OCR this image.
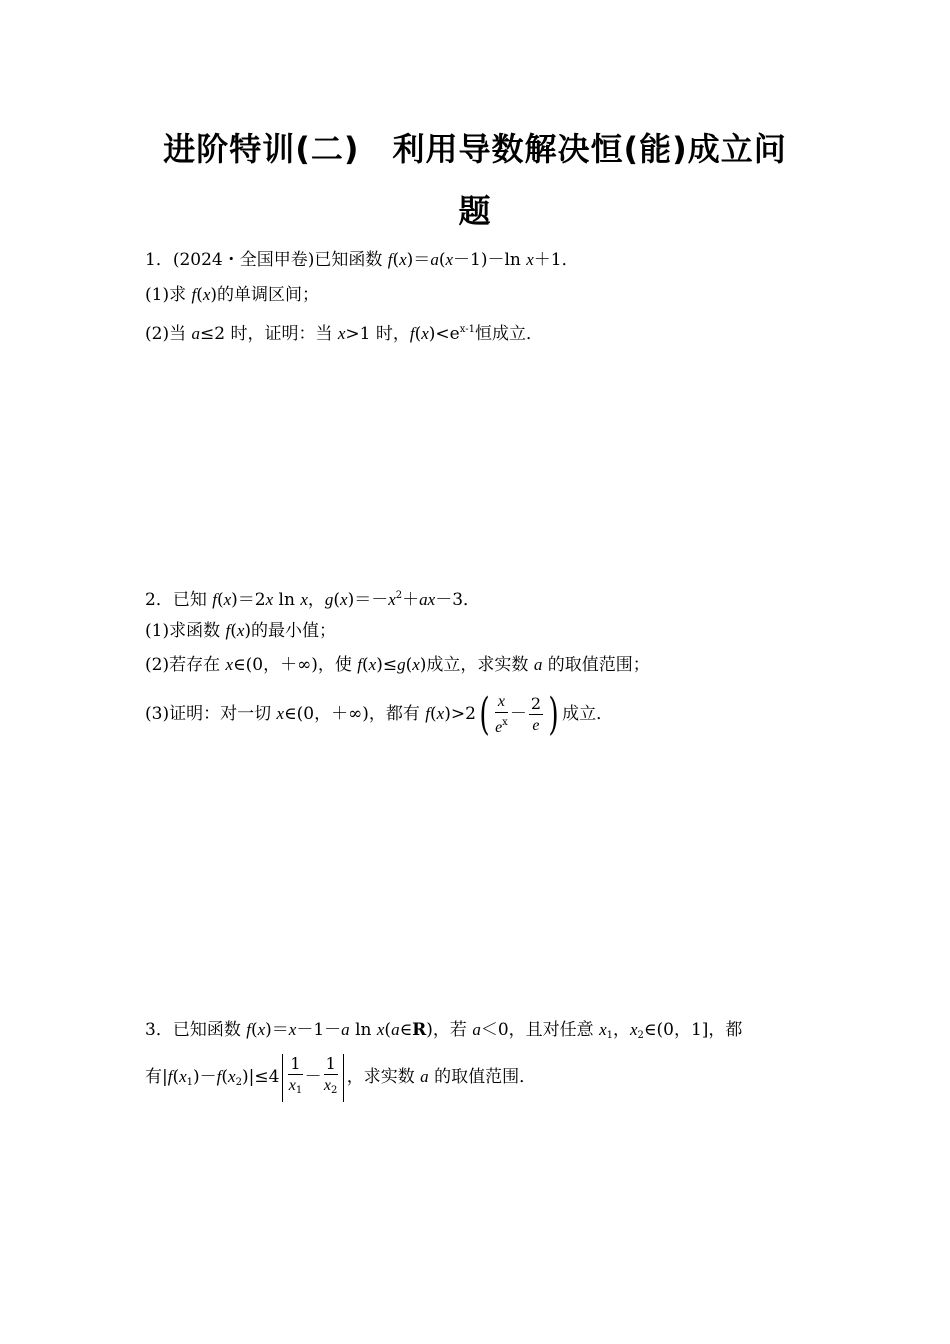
进阶特训(二)　利用导数解决恒(能)成立问
题
1．(2024・全国甲卷)已知函数 f(x)＝a(x－1)－ln x＋1．
(1)求 f(x)的单调区间；
(2)当 a≤2 时，证明：当 x>1 时，$f(x)<e^{x-1}$恒成立．
2．已知 f(x)＝2x ln x，$g(x)=-x^2+ax-3$．
(1)求函数 f(x)的最小值；
(2)若存在 x∈(0，＋∞)，使 f(x)≤g(x)成立，求实数 a 的取值范围；
(3)证明：对一切 x∈(0，＋∞)，都有 $f(x)>2( \frac{x}{e^x} - \frac{2}{e}$ ) 成立．
3．已知函数 f(x)＝x－1－a ln x(a∈R)，若 a＜0，且对任意 $x_1$，$x_2\in(0$，1]，都
有$|f(x_1)-f(x_2)|\le 4 \frac{1}{x_1} - \frac{1}{x_2}$ ，求实数 a 的取值范围．
